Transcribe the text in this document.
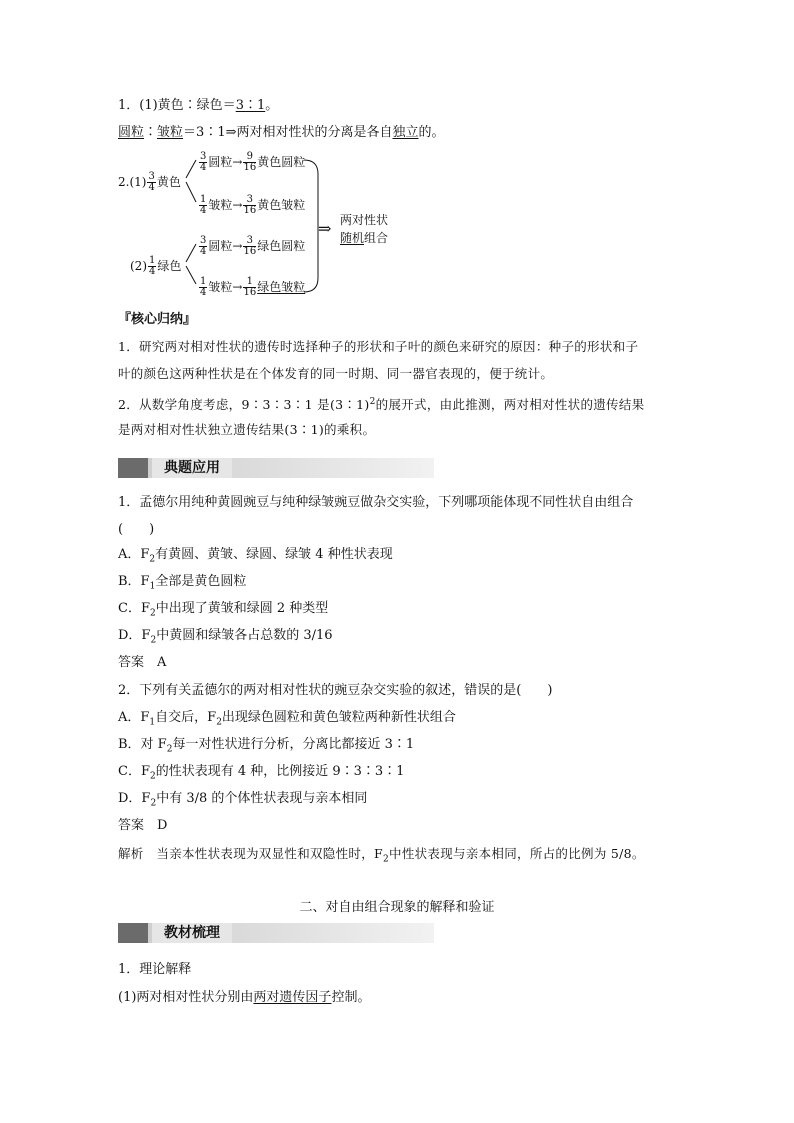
1．(1)黄色∶绿色＝3∶1。
圆粒∶皱粒＝3∶1⇒两对相对性状的分离是各自独立的。
$2.(1) \frac{3}{4}$ 黄色
$\frac{3}{4}$ 圆粒→ $\frac{9}{16}$ 黄色圆粒
$\frac{1}{4}$ 皱粒→ $\frac{3}{16}$ 黄色皱粒
$(2) \frac{1}{4}$ 绿色
$\frac{3}{4}$ 圆粒→ $\frac{3}{16}$ 绿色圆粒
$\frac{1}{4}$ 皱粒→ $\frac{1}{16}$ 绿色皱粒
⇒ 两对性状
随机组合
『核心归纳』
1．研究两对相对性状的遗传时选择种子的形状和子叶的颜色来研究的原因：种子的形状和子
叶的颜色这两种性状是在个体发育的同一时期、同一器官表现的，便于统计。
2．从数学角度考虑，9∶3∶3∶1 是(3∶1)$^2$的展开式，由此推测，两对相对性状的遗传结果
是两对相对性状独立遗传结果(3∶1)的乘积。
典题应用
1．孟德尔用纯种黄圆豌豆与纯种绿皱豌豆做杂交实验，下列哪项能体现不同性状自由组合
(　　)
A．$F_2$有黄圆、黄皱、绿圆、绿皱 4 种性状表现
B．$F_1$全部是黄色圆粒
C．$F_2$中出现了黄皱和绿圆 2 种类型
D．$F_2$中黄圆和绿皱各占总数的 3/16
答案　A
2．下列有关孟德尔的两对相对性状的豌豆杂交实验的叙述，错误的是(　　)
A．$F_1$自交后，$F_2$出现绿色圆粒和黄色皱粒两种新性状组合
B．对 $F_2$每一对性状进行分析，分离比都接近 3∶1
C．$F_2$的性状表现有 4 种，比例接近 9∶3∶3∶1
D．$F_2$中有 3/8 的个体性状表现与亲本相同
答案　D
解析　当亲本性状表现为双显性和双隐性时，$F_2$中性状表现与亲本相同，所占的比例为 5/8。
二、对自由组合现象的解释和验证
教材梳理
1．理论解释
(1)两对相对性状分别由两对遗传因子控制。
